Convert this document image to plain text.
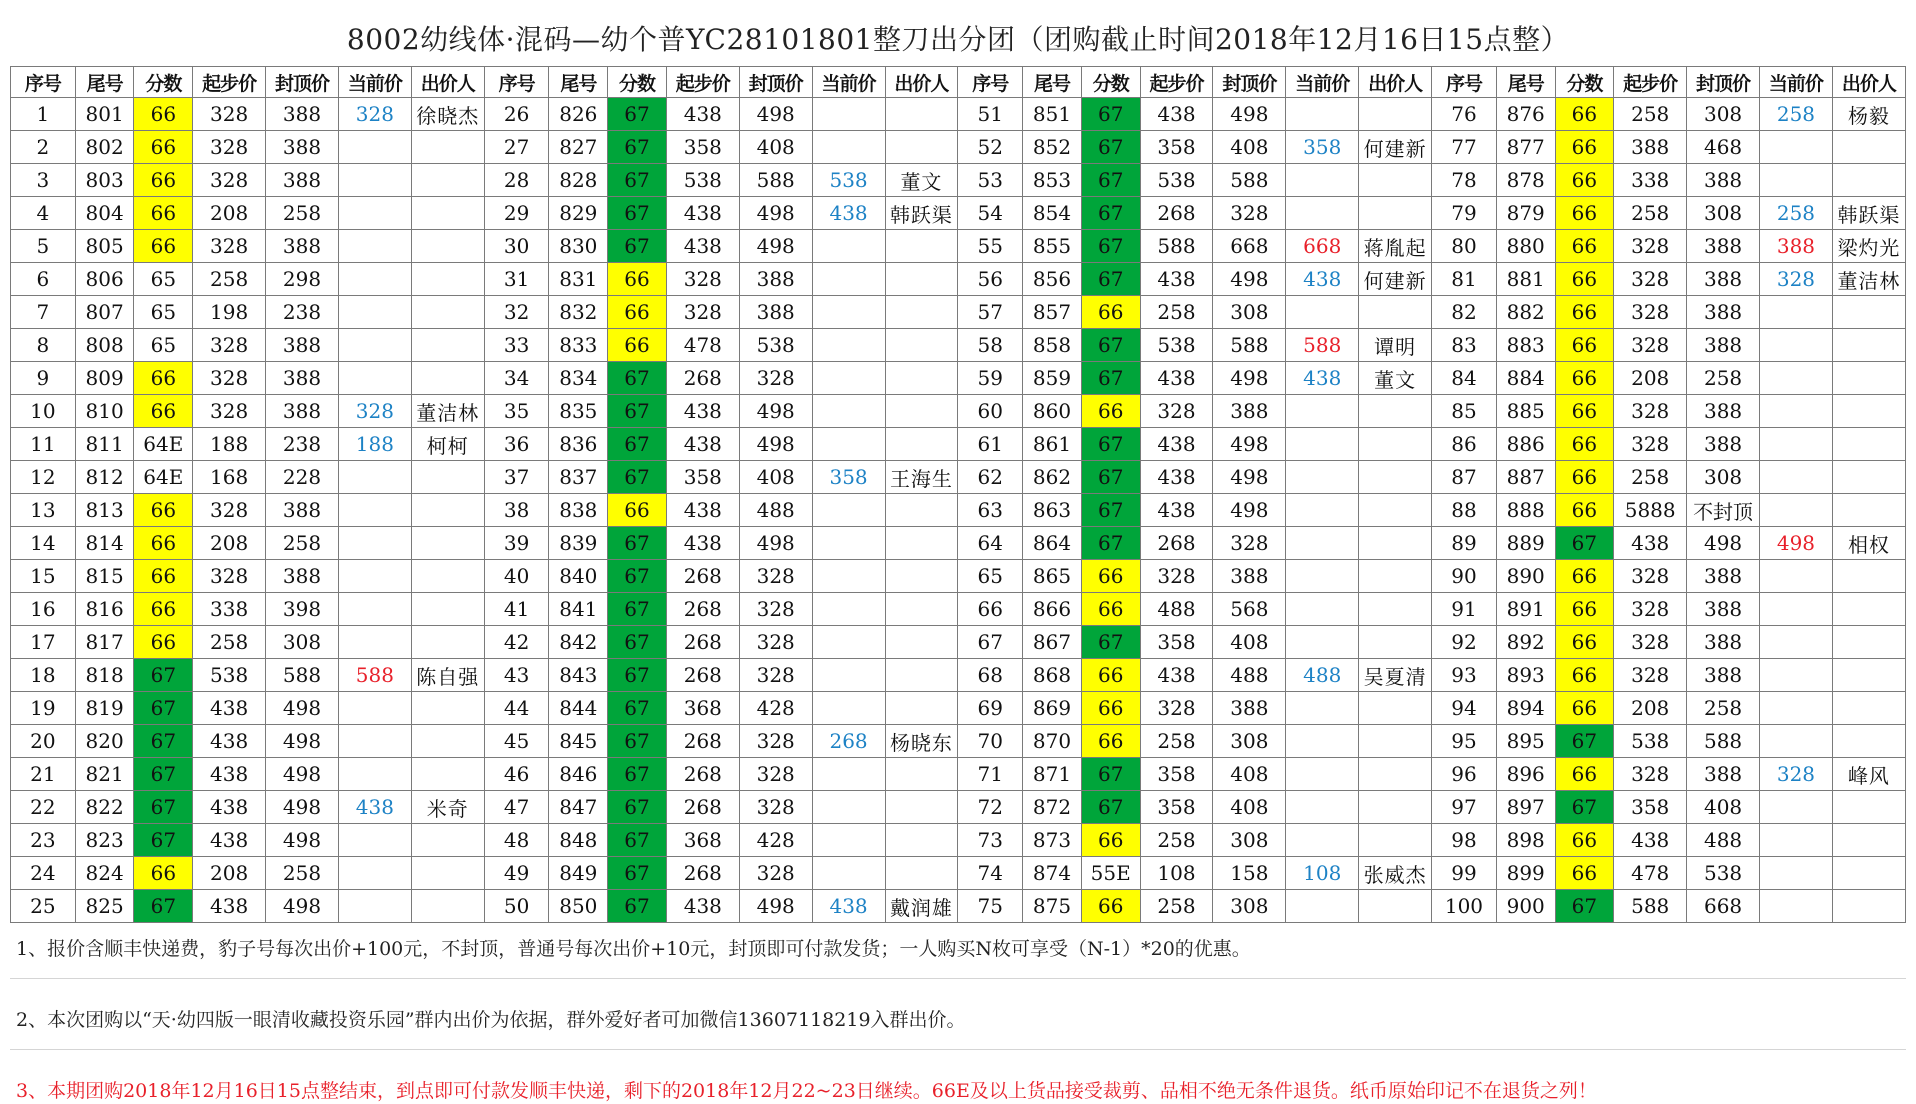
8002幼线体·混码—幼个普YC28101801整刀出分团（团购截止时间2018年12月16日15点整）
序号	尾号	分数	起步价	封顶价	当前价	出价人	序号	尾号	分数	起步价	封顶价	当前价	出价人	序号	尾号	分数	起步价	封顶价	当前价	出价人	序号	尾号	分数	起步价	封顶价	当前价	出价人
1	801	66	328	388	328	徐晓杰	26	826	67	438	498			51	851	67	438	498			76	876	66	258	308	258	杨毅
2	802	66	328	388			27	827	67	358	408			52	852	67	358	408	358	何建新	77	877	66	388	468		
3	803	66	328	388			28	828	67	538	588	538	董文	53	853	67	538	588			78	878	66	338	388		
4	804	66	208	258			29	829	67	438	498	438	韩跃渠	54	854	67	268	328			79	879	66	258	308	258	韩跃渠
5	805	66	328	388			30	830	67	438	498			55	855	67	588	668	668	蒋胤起	80	880	66	328	388	388	梁灼光
6	806	65	258	298			31	831	66	328	388			56	856	67	438	498	438	何建新	81	881	66	328	388	328	董洁林
7	807	65	198	238			32	832	66	328	388			57	857	66	258	308			82	882	66	328	388		
8	808	65	328	388			33	833	66	478	538			58	858	67	538	588	588	谭明	83	883	66	328	388		
9	809	66	328	388			34	834	67	268	328			59	859	67	438	498	438	董文	84	884	66	208	258		
10	810	66	328	388	328	董洁林	35	835	67	438	498			60	860	66	328	388			85	885	66	328	388		
11	811	64E	188	238	188	柯柯	36	836	67	438	498			61	861	67	438	498			86	886	66	328	388		
12	812	64E	168	228			37	837	67	358	408	358	王海生	62	862	67	438	498			87	887	66	258	308		
13	813	66	328	388			38	838	66	438	488			63	863	67	438	498			88	888	66	5888	不封顶		
14	814	66	208	258			39	839	67	438	498			64	864	67	268	328			89	889	67	438	498	498	相权
15	815	66	328	388			40	840	67	268	328			65	865	66	328	388			90	890	66	328	388		
16	816	66	338	398			41	841	67	268	328			66	866	66	488	568			91	891	66	328	388		
17	817	66	258	308			42	842	67	268	328			67	867	67	358	408			92	892	66	328	388		
18	818	67	538	588	588	陈自强	43	843	67	268	328			68	868	66	438	488	488	吴夏清	93	893	66	328	388		
19	819	67	438	498			44	844	67	368	428			69	869	66	328	388			94	894	66	208	258		
20	820	67	438	498			45	845	67	268	328	268	杨晓东	70	870	66	258	308			95	895	67	538	588		
21	821	67	438	498			46	846	67	268	328			71	871	67	358	408			96	896	66	328	388	328	峰风
22	822	67	438	498	438	米奇	47	847	67	268	328			72	872	67	358	408			97	897	67	358	408		
23	823	67	438	498			48	848	67	368	428			73	873	66	258	308			98	898	66	438	488		
24	824	66	208	258			49	849	67	268	328			74	874	55E	108	158	108	张威杰	99	899	66	478	538		
25	825	67	438	498			50	850	67	438	498	438	戴润雄	75	875	66	258	308			100	900	67	588	668		
1、报价含顺丰快递费，豹子号每次出价+100元，不封顶，普通号每次出价+10元，封顶即可付款发货；一人购买N枚可享受（N-1）*20的优惠。
2、本次团购以“天·幼四版一眼清收藏投资乐园”群内出价为依据，群外爱好者可加微信13607118219入群出价。
3、本期团购2018年12月16日15点整结束，到点即可付款发顺丰快递，剩下的2018年12月22~23日继续。66E及以上货品接受裁剪、品相不绝无条件退货。纸币原始印记不在退货之列！
